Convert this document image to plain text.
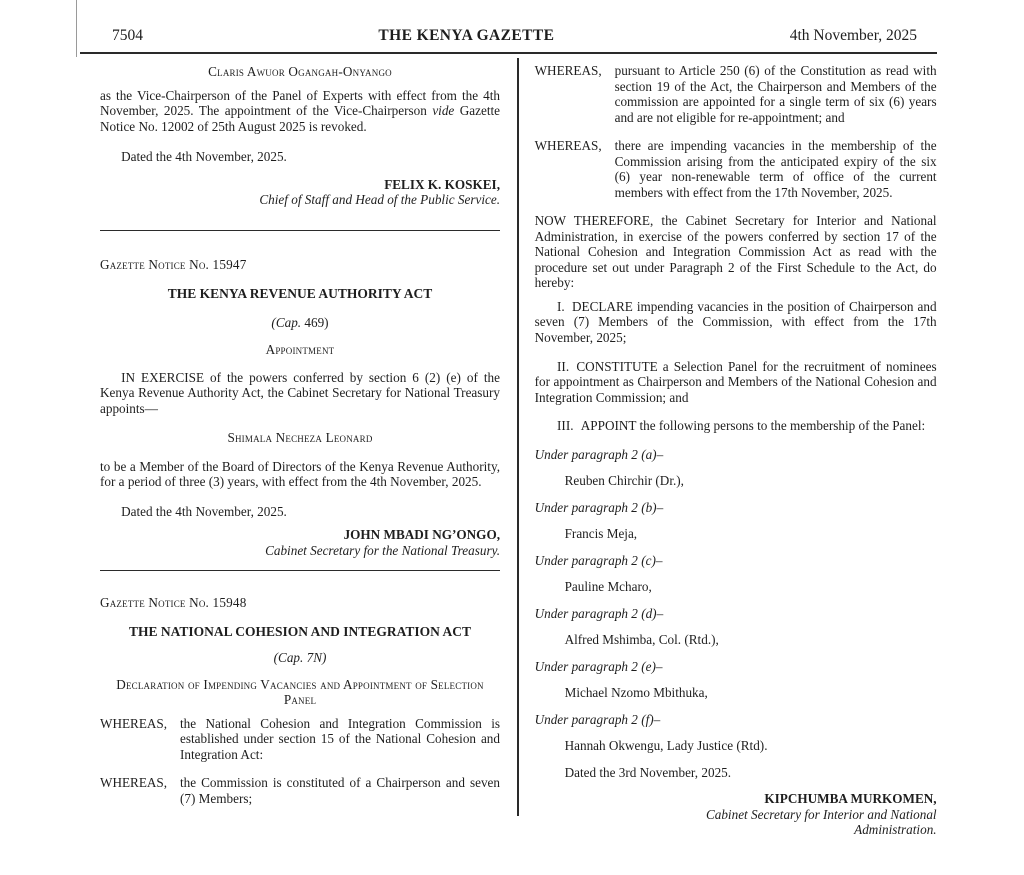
7504	THE KENYA GAZETTE	4th November, 2025
Claris Awuor Ogangah-Onyango

as the Vice-Chairperson of the Panel of Experts with effect from the 4th November, 2025. The appointment of the Vice-Chairperson vide Gazette Notice No. 12002 of 25th August 2025 is revoked.

Dated the 4th November, 2025.
FELIX K. KOSKEI,
Chief of Staff and Head of the Public Service.
Gazette Notice No. 15947
THE KENYA REVENUE AUTHORITY ACT
(Cap. 469)
Appointment

IN EXERCISE of the powers conferred by section 6 (2) (e) of the Kenya Revenue Authority Act, the Cabinet Secretary for National Treasury appoints—

Shimala Necheza Leonard

to be a Member of the Board of Directors of the Kenya Revenue Authority, for a period of three (3) years, with effect from the 4th November, 2025.

Dated the 4th November, 2025.
JOHN MBADI NG’ONGO,
Cabinet Secretary for the National Treasury.
Gazette Notice No. 15948
THE NATIONAL COHESION AND INTEGRATION ACT
(Cap. 7N)
Declaration of Impending Vacancies and Appointment of Selection Panel

WHEREAS, the National Cohesion and Integration Commission is established under section 15 of the National Cohesion and Integration Act:

WHEREAS, the Commission is constituted of a Chairperson and seven (7) Members;

WHEREAS, pursuant to Article 250 (6) of the Constitution as read with section 19 of the Act, the Chairperson and Members of the commission are appointed for a single term of six (6) years and are not eligible for re-appointment; and

WHEREAS, there are impending vacancies in the membership of the Commission arising from the anticipated expiry of the six (6) year non-renewable term of office of the current members with effect from the 17th November, 2025.

NOW THEREFORE, the Cabinet Secretary for Interior and National Administration, in exercise of the powers conferred by section 17 of the National Cohesion and Integration Commission Act as read with the procedure set out under Paragraph 2 of the First Schedule to the Act, do hereby:

I. DECLARE impending vacancies in the position of Chairperson and seven (7) Members of the Commission, with effect from the 17th November, 2025;

II. CONSTITUTE a Selection Panel for the recruitment of nominees for appointment as Chairperson and Members of the National Cohesion and Integration Commission; and

III. APPOINT the following persons to the membership of the Panel:

Under paragraph 2 (a)–
Reuben Chirchir (Dr.),
Under paragraph 2 (b)–
Francis Meja,
Under paragraph 2 (c)–
Pauline Mcharo,
Under paragraph 2 (d)–
Alfred Mshimba, Col. (Rtd.),
Under paragraph 2 (e)–
Michael Nzomo Mbithuka,
Under paragraph 2 (f)–
Hannah Okwengu, Lady Justice (Rtd).
Dated the 3rd November, 2025.
KIPCHUMBA MURKOMEN,
Cabinet Secretary for Interior and National Administration.
